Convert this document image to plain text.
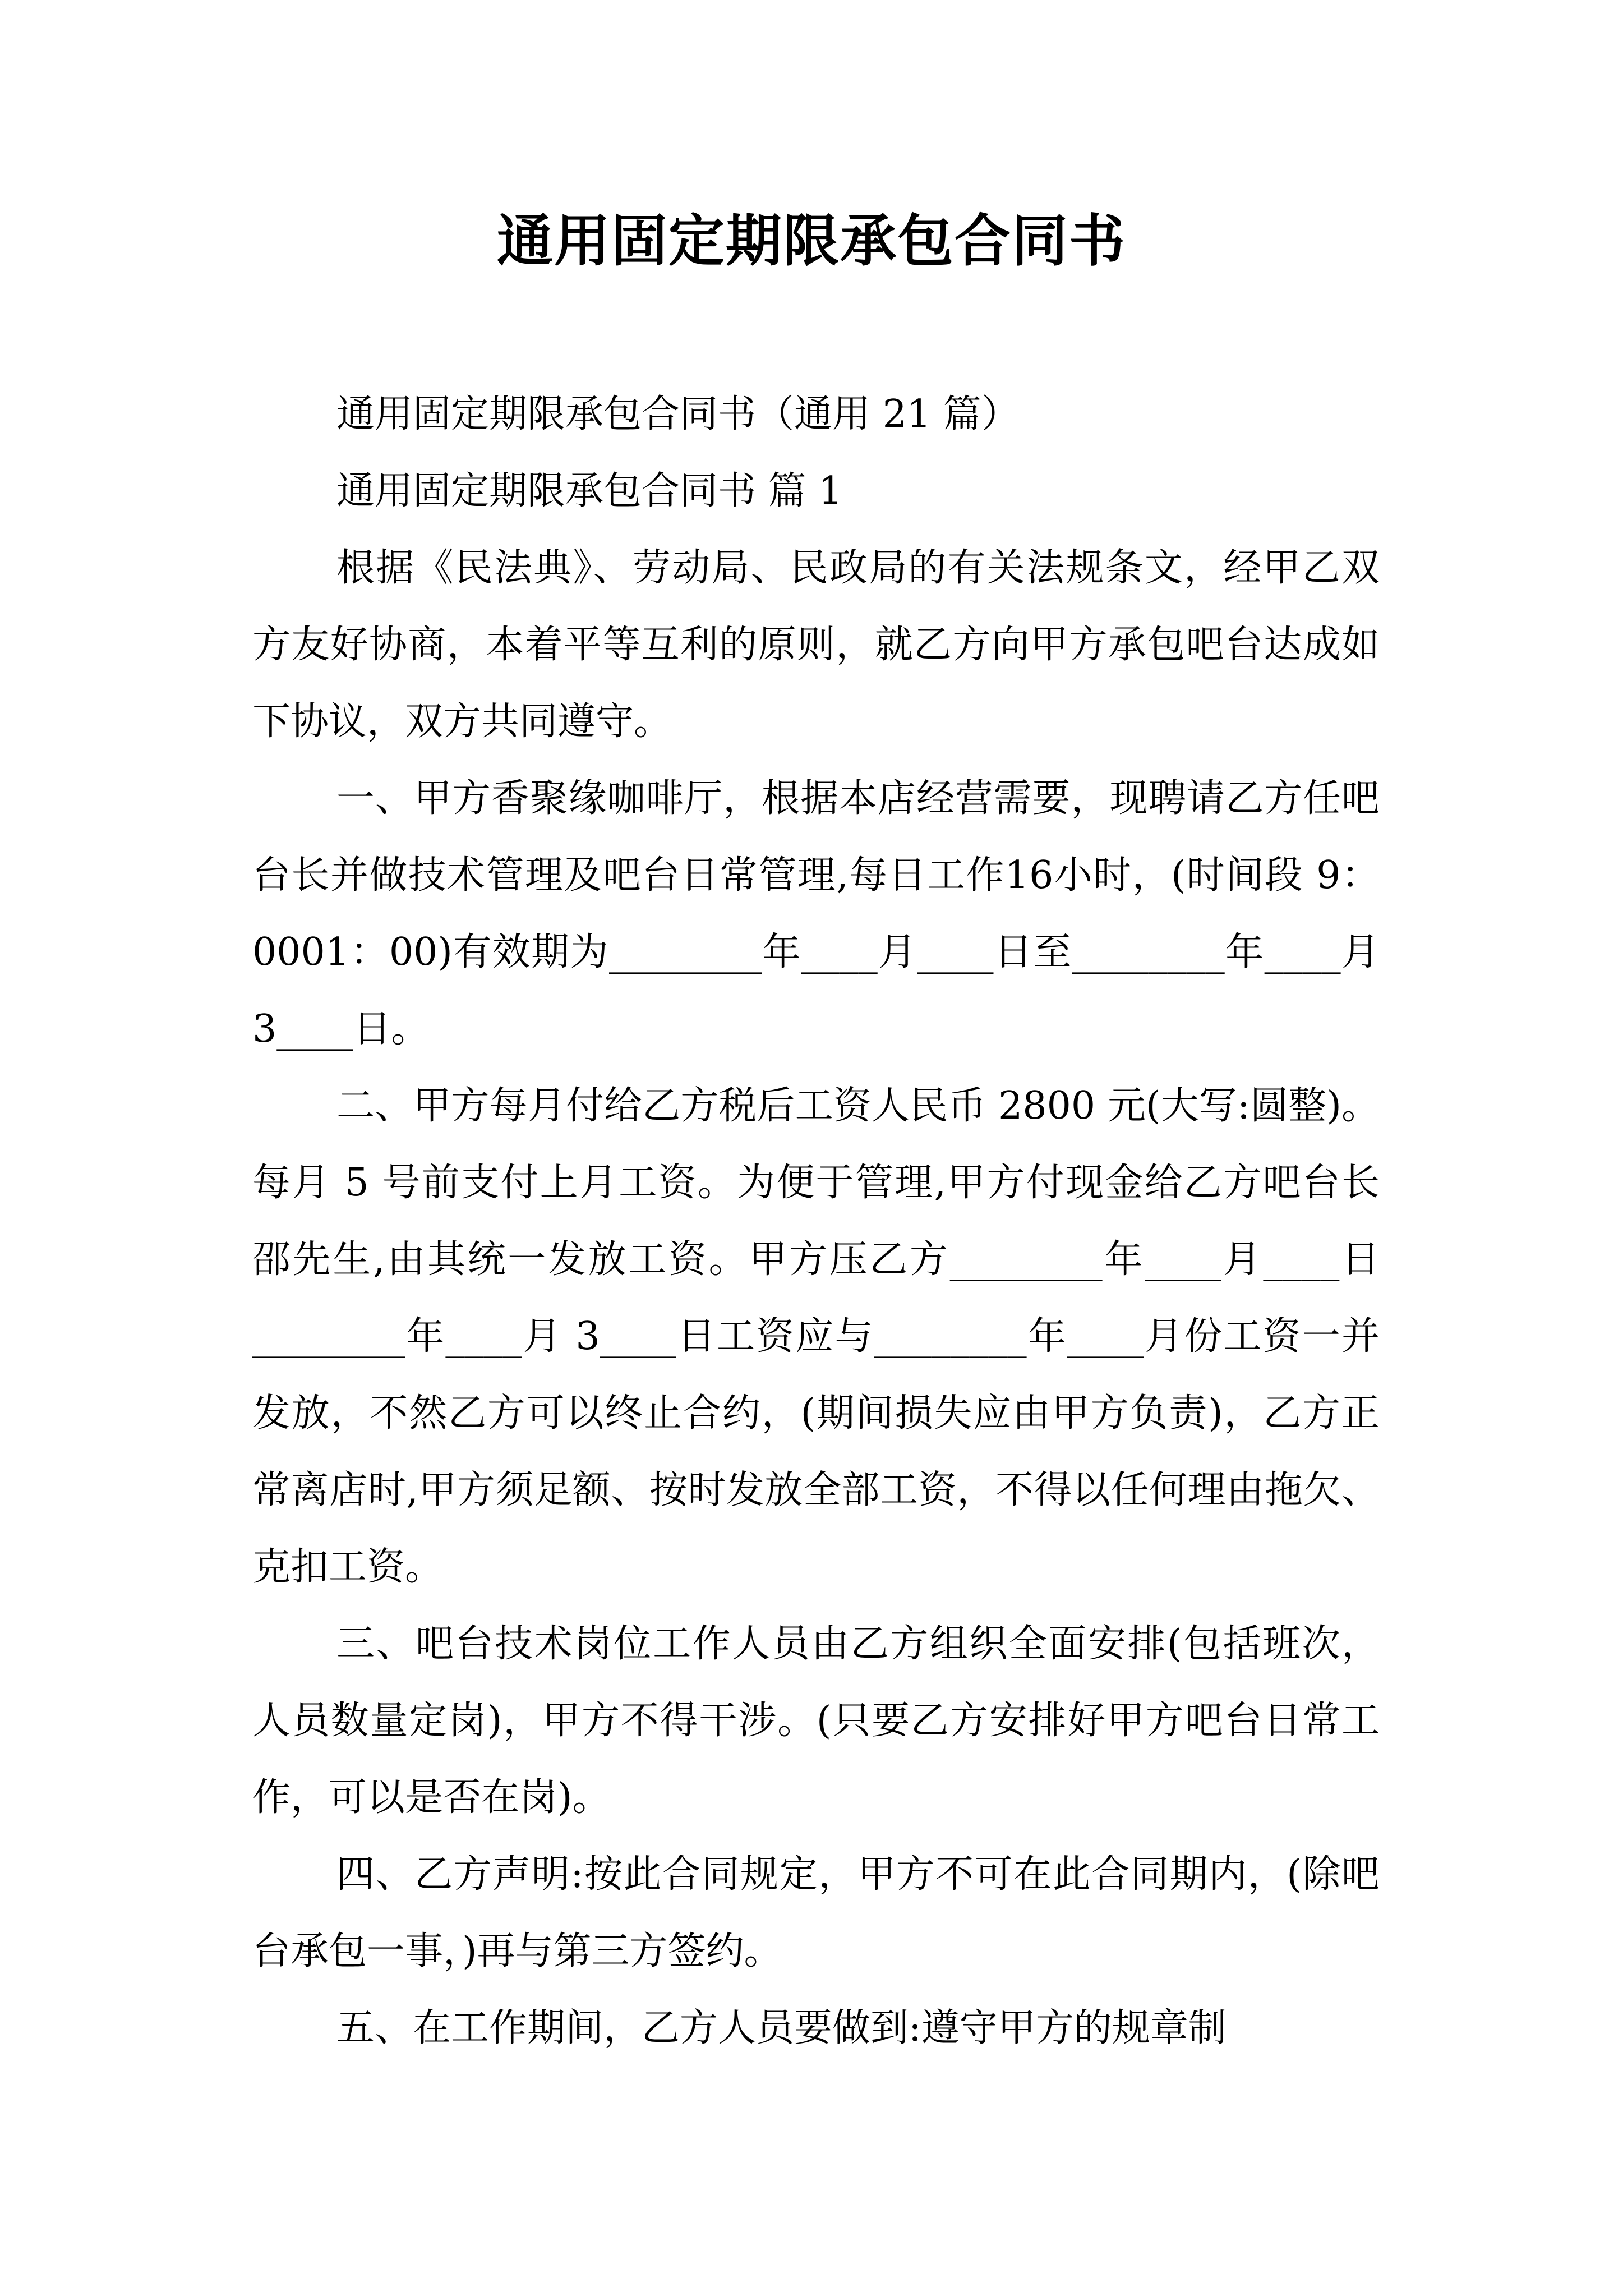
通用固定期限承包合同书

通用固定期限承包合同书（通用 21 篇）

通用固定期限承包合同书 篇 1

根据《民法典》、劳动局、民政局的有关法规条文，经甲乙双方友好协商，本着平等互利的原则，就乙方向甲方承包吧台达成如下协议，双方共同遵守。

一、甲方香聚缘咖啡厅，根据本店经营需要，现聘请乙方任吧台长并做技术管理及吧台日常管理,每日工作16小时，(时间段 9：0001：00)有效期为________年____月____日至________年____月 3____日。

二、甲方每月付给乙方税后工资人民币 2800 元(大写:圆整)。每月 5 号前支付上月工资。为便于管理,甲方付现金给乙方吧台长邵先生,由其统一发放工资。甲方压乙方________年____月____日________年____月 3____日工资应与________年____月份工资一并发放，不然乙方可以终止合约，(期间损失应由甲方负责)，乙方正常离店时,甲方须足额、按时发放全部工资，不得以任何理由拖欠、克扣工资。

三、吧台技术岗位工作人员由乙方组织全面安排(包括班次，人员数量定岗)，甲方不得干涉。(只要乙方安排好甲方吧台日常工作，可以是否在岗)。

四、乙方声明:按此合同规定，甲方不可在此合同期内，(除吧台承包一事，)再与第三方签约。

五、在工作期间，乙方人员要做到:遵守甲方的规章制
